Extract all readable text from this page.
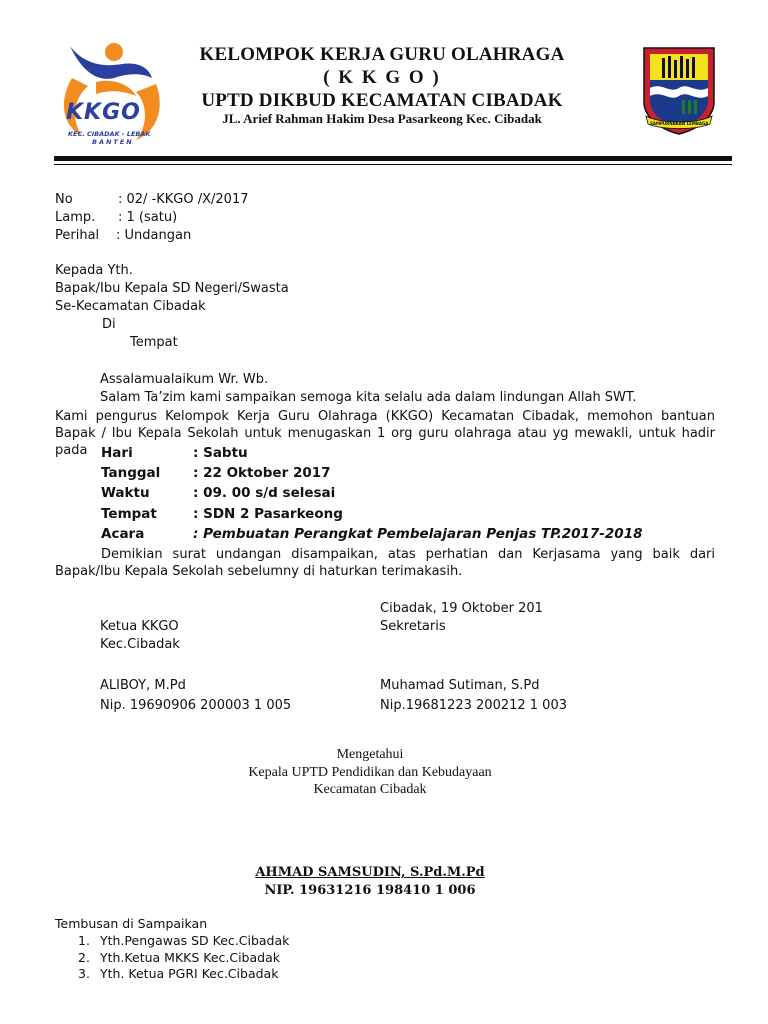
KKGO
KEC. CIBADAK - LEBAK
BANTEN
KELOMPOK KERJA GURU OLAHRAGA
( K K G O )
UPTD DIKBUD KECAMATAN CIBADAK
JL. Arief Rahman Hakim Desa Pasarkeong Kec. Cibadak	SAMPURNAKAN LEMBAGA
No	: 02/ -KKGO /X/2017
Lamp. : 1 (satu)
Perihal : Undangan
Kepada Yth.
Bapak/Ibu Kepala SD Negeri/Swasta
Se-Kecamatan Cibadak
Di
Tempat
Assalamualaikum Wr. Wb.
Salam Ta’zim kami sampaikan semoga kita selalu ada dalam lindungan Allah SWT.
Kami pengurus Kelompok Kerja Guru Olahraga (KKGO) Kecamatan Cibadak, memohon bantuan Bapak / Ibu Kepala Sekolah untuk menugaskan 1 org guru olahraga atau yg mewakli, untuk hadir pada	Hari	: Sabtu
Tanggal : 22 Oktober 2017
Waktu	: 09. 00 s/d selesai
Tempat	: SDN 2 Pasarkeong
Acara	: Pembuatan Perangkat Pembelajaran Penjas TP.2017-2018
Demikian surat undangan disampaikan, atas perhatian dan Kerjasama yang baik dari Bapak/Ibu Kepala Sekolah sebelumny di haturkan terimakasih.
Cibadak, 19 Oktober 201
Ketua KKGO	Sekretaris
Kec.Cibadak
ALIBOY, M.Pd	Muhamad Sutiman, S.Pd
Nip. 19690906 200003 1 005	Nip.19681223 200212 1 003
Mengetahui
Kepala UPTD Pendidikan dan Kebudayaan
Kecamatan Cibadak
AHMAD SAMSUDIN, S.Pd.M.Pd
NIP. 19631216 198410 1 006
Tembusan di Sampaikan
1. Yth.Pengawas SD Kec.Cibadak
2. Yth.Ketua MKKS Kec.Cibadak
3. Yth. Ketua PGRI Kec.Cibadak
